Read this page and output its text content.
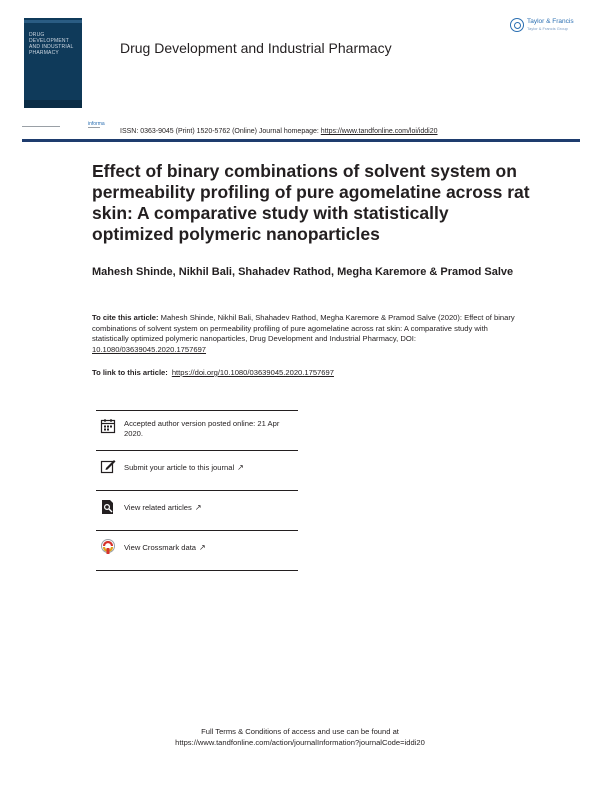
DRUG DEVELOPMENT
AND INDUSTRIAL
PHARMACY	Drug Development and Industrial Pharmacy
Taylor & Francis
Taylor & Francis Group
informa
ISSN: 0363-9045 (Print) 1520-5762 (Online) Journal homepage: https://www.tandfonline.com/loi/iddi20
Effect of binary combinations of solvent system on permeability profiling of pure agomelatine across rat skin: A comparative study with statistically optimized polymeric nanoparticles
Mahesh Shinde, Nikhil Bali, Shahadev Rathod, Megha Karemore & Pramod Salve
To cite this article: Mahesh Shinde, Nikhil Bali, Shahadev Rathod, Megha Karemore & Pramod Salve (2020): Effect of binary combinations of solvent system on permeability profiling of pure agomelatine across rat skin: A comparative study with statistically optimized polymeric nanoparticles, Drug Development and Industrial Pharmacy, DOI: 10.1080/03639045.2020.1757697
To link to this article: https://doi.org/10.1080/03639045.2020.1757697
Accepted author version posted online: 21 Apr 2020.
Submit your article to this journal ↗
View related articles ↗
View Crossmark data ↗
Full Terms & Conditions of access and use can be found at
https://www.tandfonline.com/action/journalInformation?journalCode=iddi20
